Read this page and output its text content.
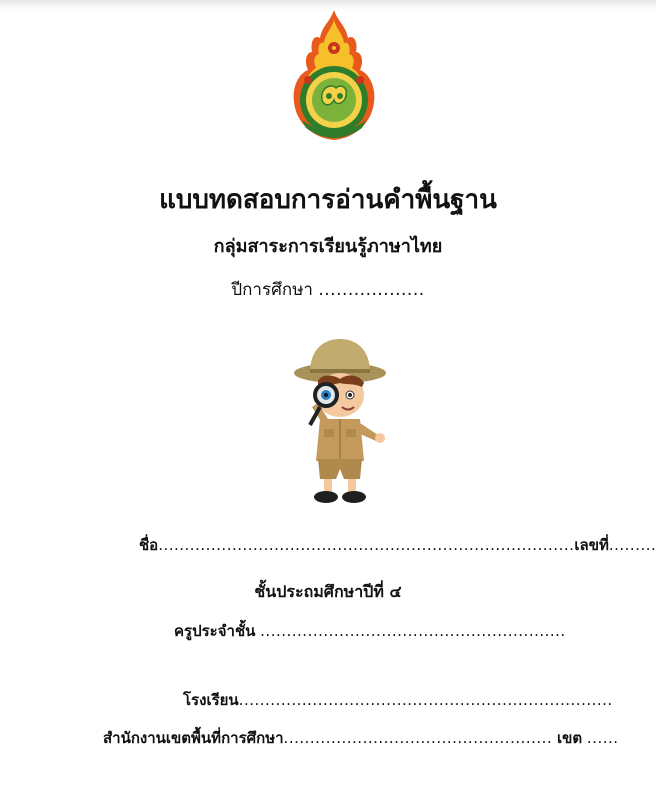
แบบทดสอบการอ่านคำพื้นฐาน
กลุ่มสาระการเรียนรู้ภาษาไทย
ปีการศึกษา ..................
ชื่อ...............................................................................เลขที่.........
ชั้นประถมศึกษาปีที่ ๔
ครูประจำชั้น ..........................................................
โรงเรียน.......................................................................
สำนักงานเขตพื้นที่การศึกษา................................................... เขต ......
